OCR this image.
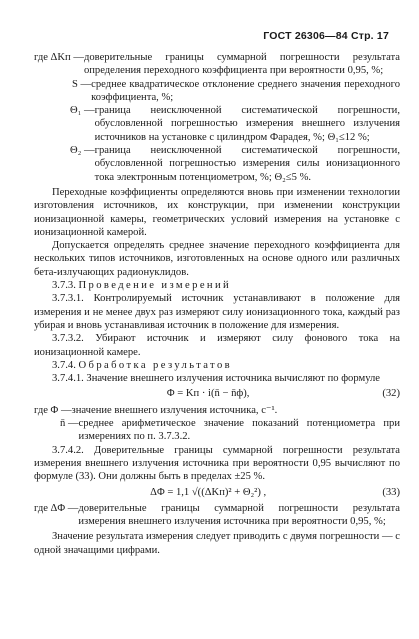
ГОСТ 26306—84 Стр. 17
где ΔKп — доверительные границы суммарной погрешности результата определения переходного коэффициента при вероятности 0,95, %;
S — среднее квадратическое отклонение среднего значения переходного коэффициента, %;
Θ₁ — граница неисключенной систематической погрешности, обусловленной погрешностью измерения внешнего излучения источников на установке с цилиндром Фарадея, %; Θ₁≤12 %;
Θ₂ — граница неисключенной систематической погрешности, обусловленной погрешностью измерения силы ионизационного тока электронным потенциометром, %; Θ₂≤5 %.

Переходные коэффициенты определяются вновь при изменении технологии изготовления источников, их конструкции, при изменении конструкции ионизационной камеры, геометрических условий измерения на установке с ионизационной камерой.

Допускается определять среднее значение переходного коэффициента для нескольких типов источников, изготовленных на основе одного или различных бета-излучающих радионуклидов.

3.7.3. Проведение измерений

3.7.3.1. Контролируемый источник устанавливают в положение для измерения и не менее двух раз измеряют силу ионизационного тока, каждый раз убирая и вновь устанавливая источник в положение для измерения.

3.7.3.2. Убирают источник и измеряют силу фонового тока на ионизационной камере.

3.7.4. Обработка результатов

3.7.4.1. Значение внешнего излучения источника вычисляют по формуле

Φ = Kп · i(n̄ − n̄ф),	(32)
где Φ — значение внешнего излучения источника, с⁻¹.
n̄ — среднее арифметическое значение показаний потенциометра при измерениях по п. 3.7.3.2.

3.7.4.2. Доверительные границы суммарной погрешности результата измерения внешнего излучения источника при вероятности 0,95 вычисляют по формуле (33). Они должны быть в пределах ±25 %.

ΔΦ = 1,1 √((ΔKп)² + Θ₂²) ,	(33)
где ΔΦ — доверительные границы суммарной погрешности результата измерения внешнего излучения источника при вероятности 0,95, %;

Значение результата измерения следует приводить с двумя погрешности — с одной значащими цифрами.
